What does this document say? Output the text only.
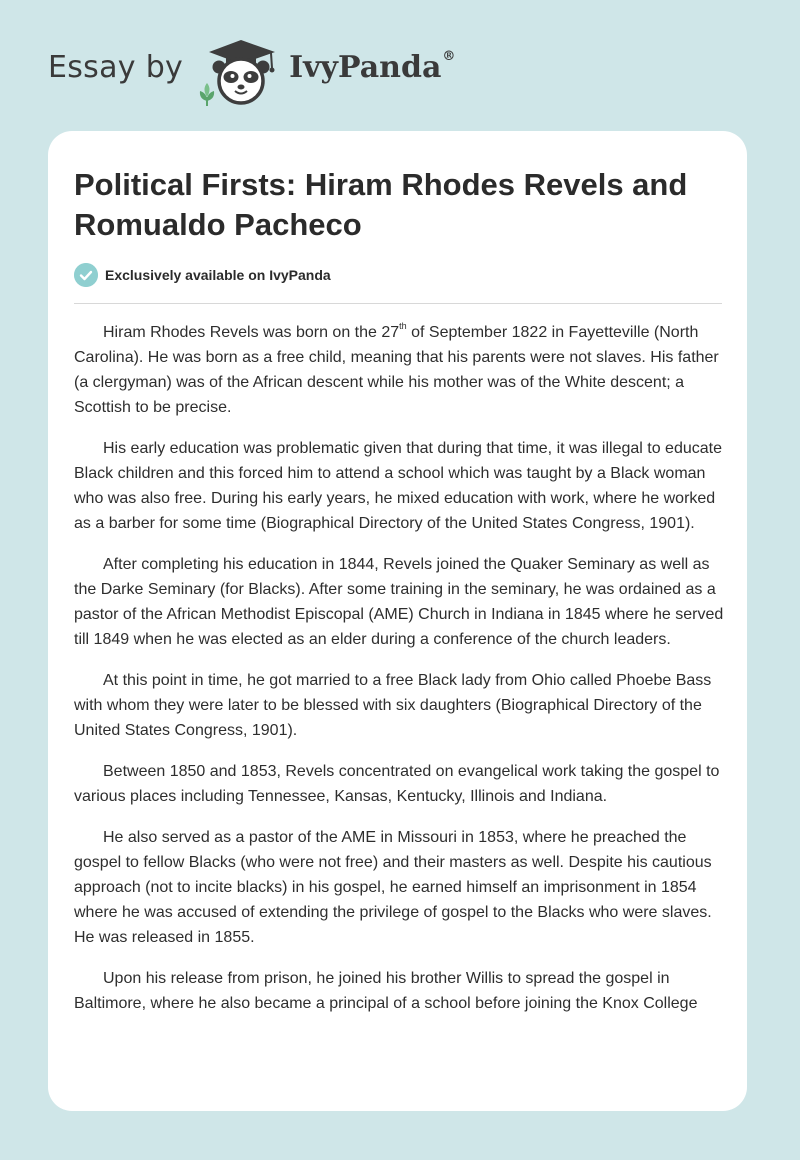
Essay by	IvyPanda®
Political Firsts: Hiram Rhodes Revels and Romualdo Pacheco
Exclusively available on IvyPanda

Hiram Rhodes Revels was born on the 27th of September 1822 in Fayetteville (North Carolina). He was born as a free child, meaning that his parents were not slaves. His father (a clergyman) was of the African descent while his mother was of the White descent; a Scottish to be precise.

His early education was problematic given that during that time, it was illegal to educate Black children and this forced him to attend a school which was taught by a Black woman who was also free. During his early years, he mixed education with work, where he worked as a barber for some time (Biographical Directory of the United States Congress, 1901).

After completing his education in 1844, Revels joined the Quaker Seminary as well as the Darke Seminary (for Blacks). After some training in the seminary, he was ordained as a pastor of the African Methodist Episcopal (AME) Church in Indiana in 1845 where he served till 1849 when he was elected as an elder during a conference of the church leaders.

At this point in time, he got married to a free Black lady from Ohio called Phoebe Bass with whom they were later to be blessed with six daughters (Biographical Directory of the United States Congress, 1901).

Between 1850 and 1853, Revels concentrated on evangelical work taking the gospel to various places including Tennessee, Kansas, Kentucky, Illinois and Indiana.

He also served as a pastor of the AME in Missouri in 1853, where he preached the gospel to fellow Blacks (who were not free) and their masters as well. Despite his cautious approach (not to incite blacks) in his gospel, he earned himself an imprisonment in 1854 where he was accused of extending the privilege of gospel to the Blacks who were slaves. He was released in 1855.

Upon his release from prison, he joined his brother Willis to spread the gospel in Baltimore, where he also became a principal of a school before joining the Knox College
